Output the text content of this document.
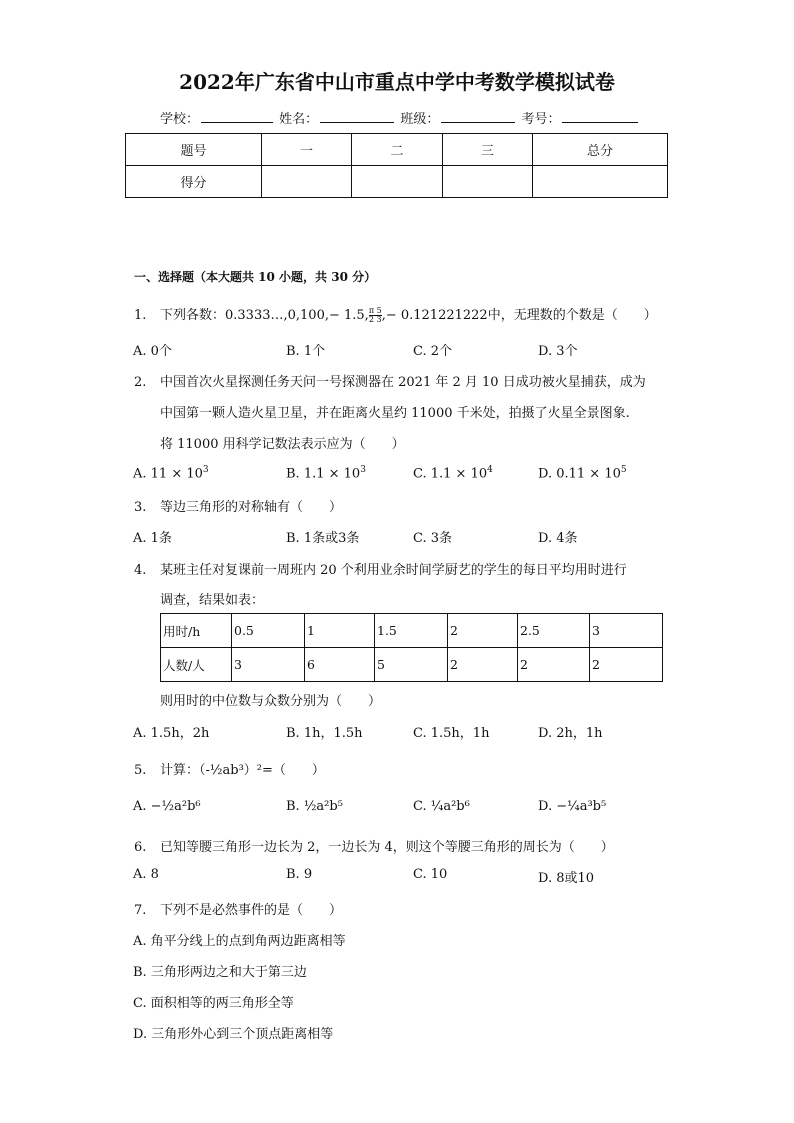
2022年广东省中山市重点中学中考数学模拟试卷
学校：	姓名：	班级：	考号：
题号	一	二	三	总分
得分				
一、选择题（本大题共 10 小题，共 30 分）
1. 下列各数：0.3333…,0,100,− 1.5, $\frac{\pi 5}{2 3}$ ,− 0.121221222中，无理数的个数是（　　）
A. 0个	B. 1个	C. 2个	D. 3个
2. 中国首次火星探测任务天问一号探测器在 2021 年 2 月 10 日成功被火星捕获，成为
中国第一颗人造火星卫星，并在距离火星约 11000 千米处，拍摄了火星全景图象.
将 11000 用科学记数法表示应为（　　）
A. $11 \times 10^3$	B. $1.1 \times 10^3$	C. $1.1 \times 10^4$	D. $0.11 \times 10^5$
3. 等边三角形的对称轴有（　　）
A. 1条	B. 1条或3条	C. 3条	D. 4条
4. 某班主任对复课前一周班内 20 个利用业余时间学厨艺的学生的每日平均用时进行
调查，结果如表：
用时/h	0.5	1	1.5	2	2.5	3
人数/人	3	6	5	2	2	2
则用时的中位数与众数分别为（　　）
A. 1.5h，2h	B. 1h，1.5h	C. 1.5h，1h	D. 2h，1h
5. 计算：（-½ab³）²=（　　）
A. −½a²b⁶	B. ½a²b⁵	C. ¼a²b⁶	D. −¼a³b⁵
6. 已知等腰三角形一边长为 2，一边长为 4，则这个等腰三角形的周长为（　　）
A. 8	B. 9	C. 10	D. 8或10
7. 下列不是必然事件的是（　　）
A. 角平分线上的点到角两边距离相等
B. 三角形两边之和大于第三边
C. 面积相等的两三角形全等
D. 三角形外心到三个顶点距离相等
